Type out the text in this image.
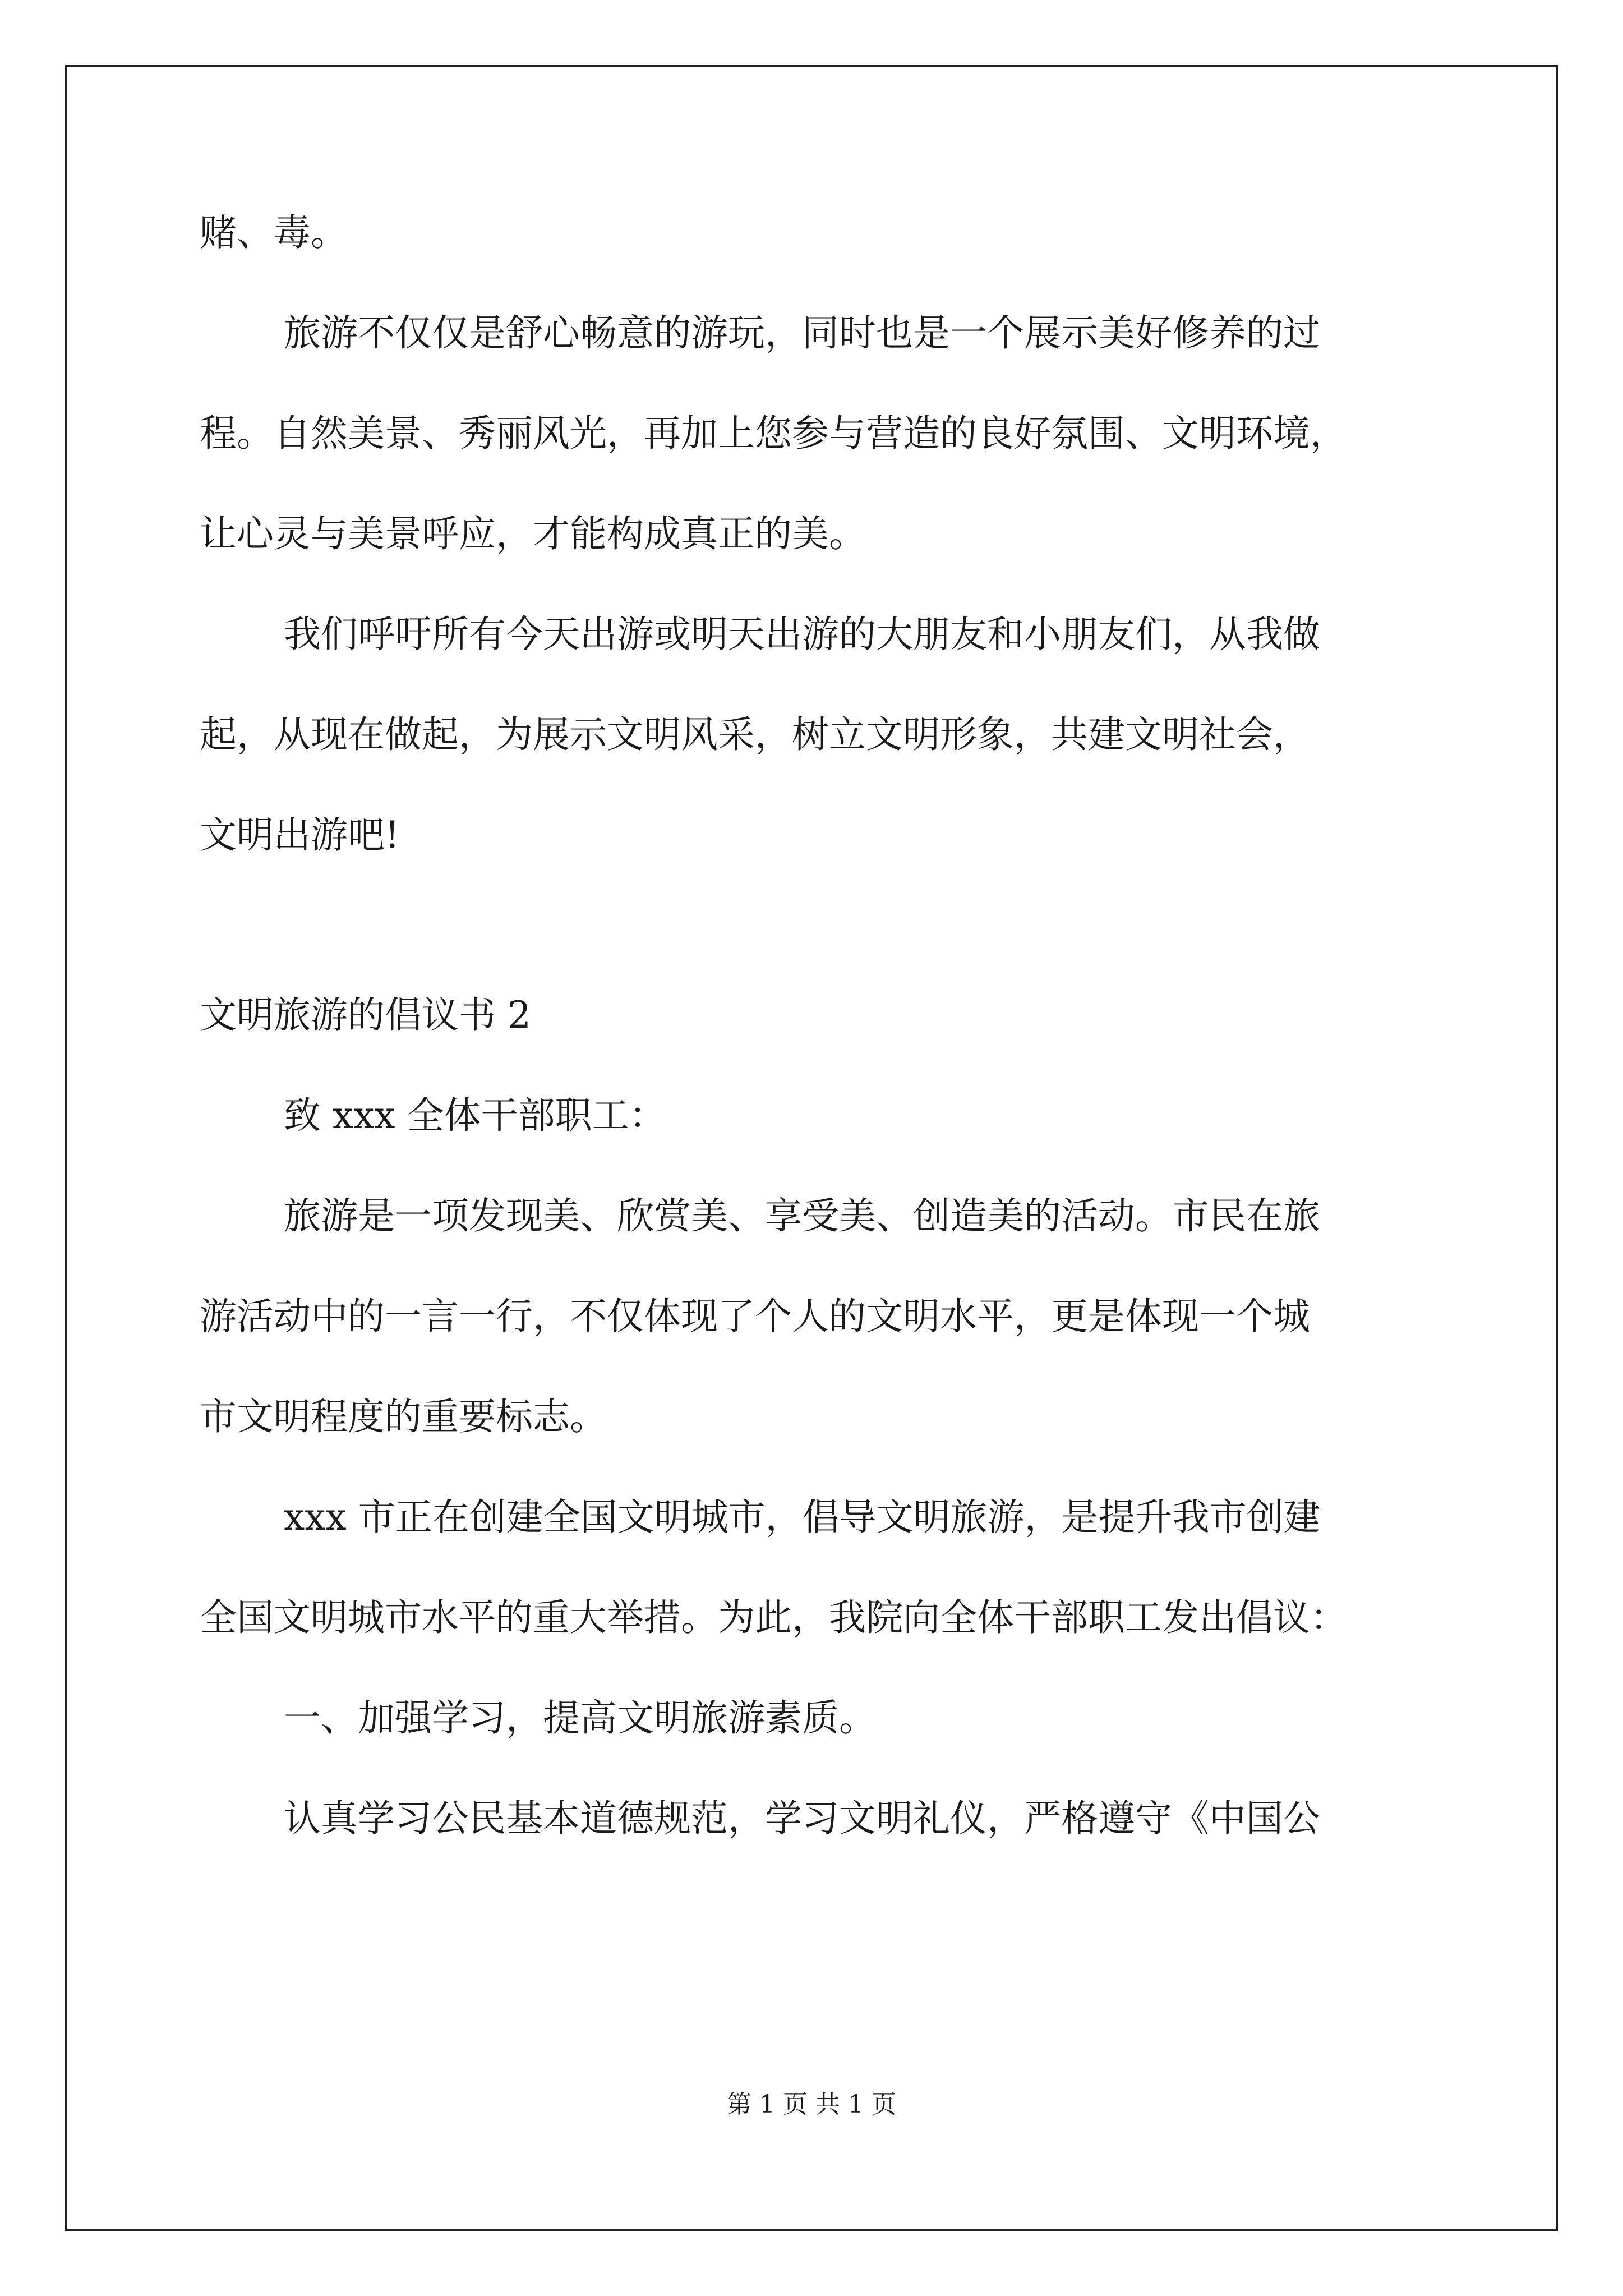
赌、毒。
旅游不仅仅是舒心畅意的游玩，同时也是一个展示美好修养的过
程。自然美景、秀丽风光，再加上您参与营造的良好氛围、文明环境，
让心灵与美景呼应，才能构成真正的美。
我们呼吁所有今天出游或明天出游的大朋友和小朋友们，从我做
起，从现在做起，为展示文明风采，树立文明形象，共建文明社会，
文明出游吧!
文明旅游的倡议书 2
致 xxx 全体干部职工：
旅游是一项发现美、欣赏美、享受美、创造美的活动。市民在旅
游活动中的一言一行，不仅体现了个人的文明水平，更是体现一个城
市文明程度的重要标志。
xxx 市正在创建全国文明城市，倡导文明旅游，是提升我市创建
全国文明城市水平的重大举措。为此，我院向全体干部职工发出倡议：
一、加强学习，提高文明旅游素质。
认真学习公民基本道德规范，学习文明礼仪，严格遵守《中国公
第 1 页 共 1 页
